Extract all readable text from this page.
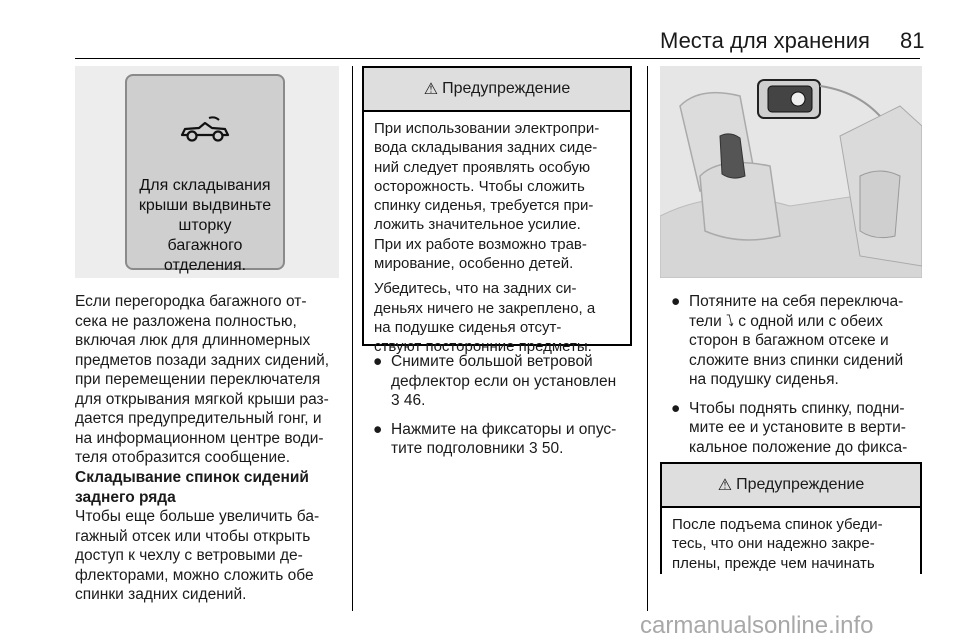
Места для хранения 81
Для складывания
крыши выдвиньте
шторку
багажного
отделения.
Если перегородка багажного от-
сека не разложена полностью,
включая люк для длинномерных
предметов позади задних сидений,
при перемещении переключателя
для открывания мягкой крыши раз-
дается предупредительный гонг, и
на информационном центре води-
теля отобразится сообщение.
Складывание спинок сидений
заднего ряда
Чтобы еще больше увеличить ба-
гажный отсек или чтобы открыть
доступ к чехлу с ветровыми де-
флекторами, можно сложить обе
спинки задних сидений.
⚠ Предупреждение

При использовании электропри-
вода складывания задних сиде-
ний следует проявлять особую
осторожность. Чтобы сложить
спинку сиденья, требуется при-
ложить значительное усилие.
При их работе возможно трав-
мирование, особенно детей.

Убедитесь, что на задних си-
деньях ничего не закреплено, а
на подушке сиденья отсут-
ствуют посторонние предметы.

● Снимите большой ветровой
дефлектор если он установлен
3 46.
● Нажмите на фиксаторы и опус-
тите подголовники 3 50.
● Потяните на себя переключа-
тели ⭝ с одной или с обеих
сторон в багажном отсеке и
сложите вниз спинки сидений
на подушку сиденья.
● Чтобы поднять спинку, подни-
мите ее и установите в верти-
кальное положение до фикса-
⚠ Предупреждение

После подъема спинок убеди-
тесь, что они надежно закре-
плены, прежде чем начинать

carmanualsonline.info
